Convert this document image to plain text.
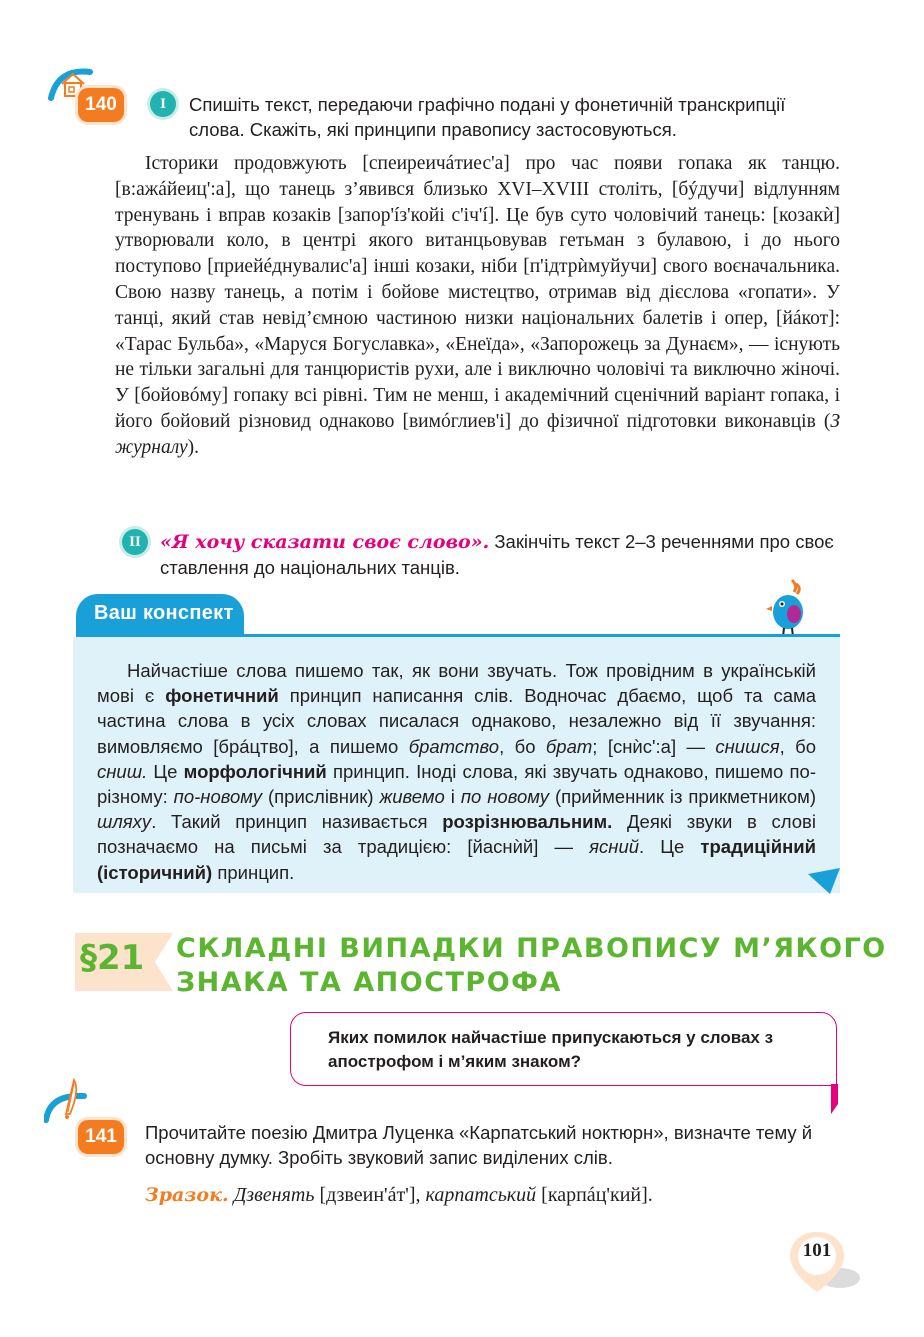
140	I	Спишіть текст, передаючи графічно подані у фонетичній транскрипції слова. Скажіть, які принципи правопису застосовуються.
Історики продовжують [спеиреичáтиес'а] про час появи гопака як танцю. [в:ажáйеиц':а], що танець з’явився близько XVI–XVIII століть, [бýдучи] відлунням тренувань і вправ козаків [запор'íз'койі с'іч'í]. Це був суто чоловічий танець: [козакѝ] утворювали коло, в центрі якого витанцьовував гетьман з булавою, і до нього поступово [приейéднувалис'а] інші козаки, ніби [п'ідтрѝмуйучи] свого воєначальника. Свою назву танець, а потім і бойове мистецтво, отримав від дієслова «гопати». У танці, який став невід’ємною частиною низки національних балетів і опер, [йáкот]: «Тарас Бульба», «Маруся Богуславка», «Енеїда», «Запорожець за Дунаєм», — існують не тільки загальні для танцюристів рухи, але і виключно чоловічі та виключно жіночі. У [бойовóму] гопаку всі рівні. Тим не менш, і академічний сценічний варіант гопака, і його бойовий різновид однаково [вимóглиев'і] до фізичної підготовки виконавців (З журналу).
II	«Я хочу сказати своє слово». Закінчіть текст 2–3 реченнями про своє ставлення до національних танців.
Ваш конспект
Найчастіше слова пишемо так, як вони звучать. Тож провідним в українській мові є фонетичний принцип написання слів. Водночас дбаємо, щоб та сама частина слова в усіх словах писалася однаково, незалежно від її звучання: вимовляємо [брáцтво], а пишемо братство, бо брат; [снѝс':а] — снишся, бо сниш. Це морфологічний принцип. Іноді слова, які звучать однаково, пишемо по-різному: по-новому (прислівник) живемо і по новому (прийменник із прикметником) шляху. Такий принцип називається розрізнювальним. Деякі звуки в слові позначаємо на письмі за традицією: [йаснѝй] — ясний. Це традиційний (історичний) принцип.
§21 СКЛАДНІ ВИПАДКИ ПРАВОПИСУ М’ЯКОГО
ЗНАКА ТА АПОСТРОФА
Яких помилок найчастіше припускаються у словах з апострофом і м’яким знаком?
141	Прочитайте поезію Дмитра Луценка «Карпатський ноктюрн», визначте тему й основну думку. Зробіть звуковий запис виділених слів.
Зразок. Дзвенять [дзвеин'áт'], карпатський [карпáц'кий].
101
